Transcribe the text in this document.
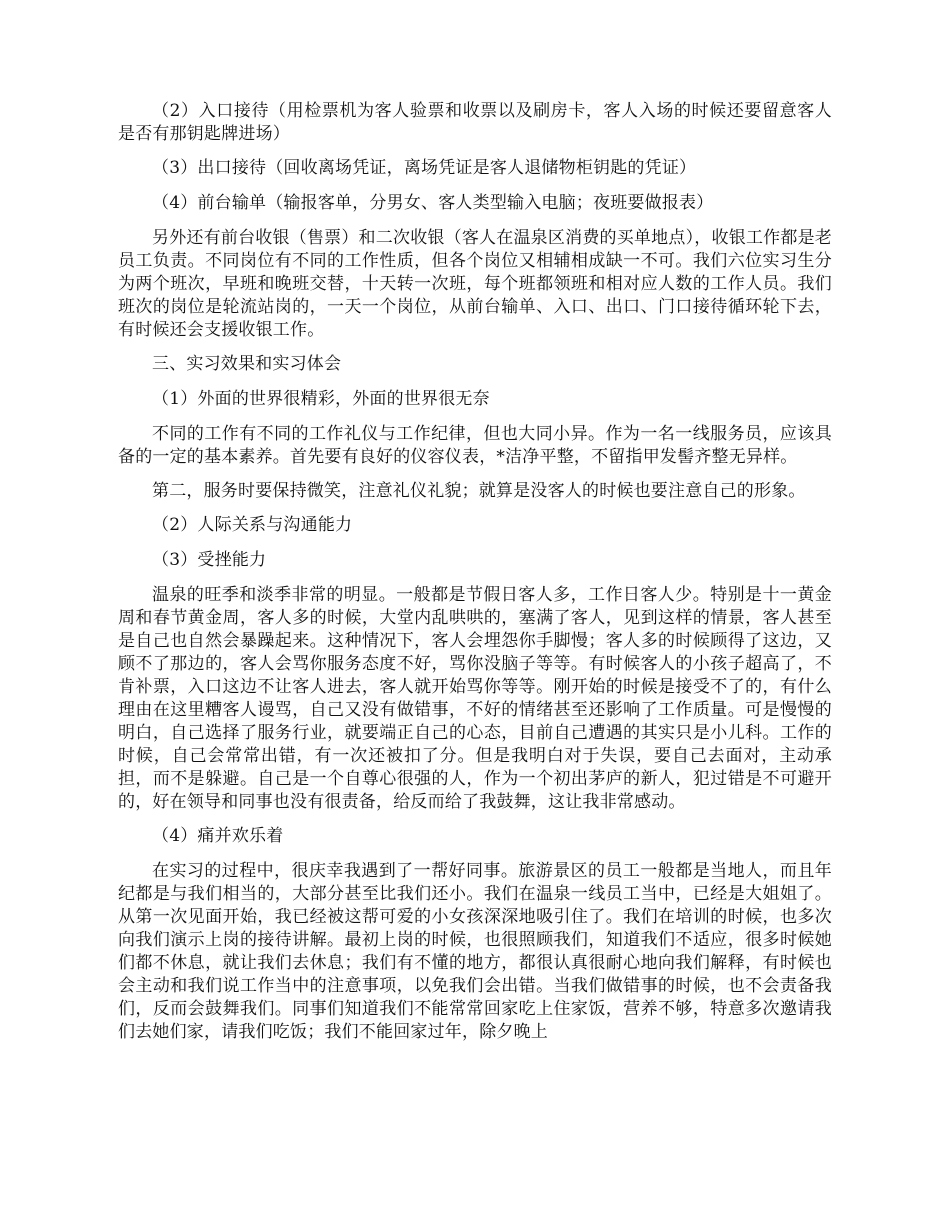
（2）入口接待（用检票机为客人验票和收票以及刷房卡，客人入场的时候还要留意客人是否有那钥匙牌进场）

（3）出口接待（回收离场凭证，离场凭证是客人退储物柜钥匙的凭证）

（4）前台输单（输报客单，分男女、客人类型输入电脑；夜班要做报表）

另外还有前台收银（售票）和二次收银（客人在温泉区消费的买单地点），收银工作都是老员工负责。不同岗位有不同的工作性质，但各个岗位又相辅相成缺一不可。我们六位实习生分为两个班次，早班和晚班交替，十天转一次班，每个班都领班和相对应人数的工作人员。我们班次的岗位是轮流站岗的，一天一个岗位，从前台输单、入口、出口、门口接待循环轮下去，有时候还会支援收银工作。

三、实习效果和实习体会

（1）外面的世界很精彩，外面的世界很无奈

不同的工作有不同的工作礼仪与工作纪律，但也大同小异。作为一名一线服务员，应该具备的一定的基本素养。首先要有良好的仪容仪表，*洁净平整，不留指甲发髻齐整无异样。

第二，服务时要保持微笑，注意礼仪礼貌；就算是没客人的时候也要注意自己的形象。

（2）人际关系与沟通能力

（3）受挫能力

温泉的旺季和淡季非常的明显。一般都是节假日客人多，工作日客人少。特别是十一黄金周和春节黄金周，客人多的时候，大堂内乱哄哄的，塞满了客人，见到这样的情景，客人甚至是自己也自然会暴躁起来。这种情况下，客人会埋怨你手脚慢；客人多的时候顾得了这边，又顾不了那边的，客人会骂你服务态度不好，骂你没脑子等等。有时候客人的小孩子超高了，不肯补票，入口这边不让客人进去，客人就开始骂你等等。刚开始的时候是接受不了的，有什么理由在这里糟客人谩骂，自己又没有做错事，不好的情绪甚至还影响了工作质量。可是慢慢的明白，自己选择了服务行业，就要端正自己的心态，目前自己遭遇的其实只是小儿科。工作的时候，自己会常常出错，有一次还被扣了分。但是我明白对于失误，要自己去面对，主动承担，而不是躲避。自己是一个自尊心很强的人，作为一个初出茅庐的新人，犯过错是不可避开的，好在领导和同事也没有很责备，给反而给了我鼓舞，这让我非常感动。

（4）痛并欢乐着

在实习的过程中，很庆幸我遇到了一帮好同事。旅游景区的员工一般都是当地人，而且年纪都是与我们相当的，大部分甚至比我们还小。我们在温泉一线员工当中，已经是大姐姐了。从第一次见面开始，我已经被这帮可爱的小女孩深深地吸引住了。我们在培训的时候，也多次向我们演示上岗的接待讲解。最初上岗的时候，也很照顾我们，知道我们不适应，很多时候她们都不休息，就让我们去休息；我们有不懂的地方，都很认真很耐心地向我们解释，有时候也会主动和我们说工作当中的注意事项，以免我们会出错。当我们做错事的时候，也不会责备我们，反而会鼓舞我们。同事们知道我们不能常常回家吃上住家饭，营养不够，特意多次邀请我们去她们家，请我们吃饭；我们不能回家过年，除夕晚上
